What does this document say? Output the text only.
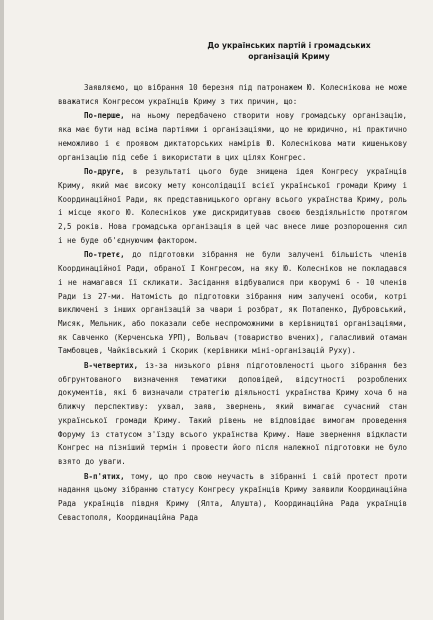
До українських партій і громадських
організацій Криму

Заявляємо, що вібрання 10 березня під патронажем Ю. Колеснікова не може вважатися Конгресом українців Криму з тих причин, що:

По-перше, на ньому передбачено створити нову громадську організацію, яка має бути над всіма партіями і організаціями, що не юридично, ні практично неможливо і є проявом диктаторських намірів Ю. Колеснікова мати кишенькову організацію під себе і використати в цих цілях Конгрес.

По-друге, в результаті цього буде знищена ідея Конгресу українців Криму, який має високу мету консолідації всієї української громади Криму і Координаційної Ради, як представницького органу всього українства Криму, роль і місце якого Ю. Колесніков уже дискридитував своєю бездіяльністю протягом 2,5 років. Нова громадська організація в цей час внесе лише розпорошення сил і не буде об'єднуючим фактором.

По-третє, до підготовки зібрання не були залучені більшість членів Координаційної Ради, обраної І Конгресом, на яку Ю. Колесніков не покладався і не намагався її скликати. Засідання відбувалися при кворумі 6 - 10 членів Ради із 27-ми. Натомість до підготовки зібрання ним залучені особи, котрі виключені з інших організацій за чвари і розбрат, як Потапенко, Дубровський, Мисяк, Мельник, або показали себе неспроможними в керівництві організаціями, як Савченко (Керченська УРП), Вольвач (товариство вчених), галасливий отаман Тамбовцев, Чайківський і Скорик (керівники міні-організацій Руху).

В-четвертих, із-за низького рівня підготовленості цього зібрання без обгрунтованого визначення тематики доповідей, відсутності розроблених документів, які б визначали стратегію діяльності українства Криму хоча б на ближчу перспективу: ухвал, заяв, звернень, який вимагає сучасний стан української громади Криму. Такий рівень не відповідає вимогам проведення Форуму із статусом з'їзду всього українства Криму. Наше звернення відкласти Конгрес на пізніший термін і провести його після належної підготовки не було взято до уваги.

В-п'ятих, тому, що про свою неучасть в зібранні і свій протест проти надання цьому зібранню статусу Конгресу українців Криму заявили Координаційна Рада українців півдня Криму (Ялта, Алушта), Координаційна Рада українців Севастополя, Координаційна Рада
